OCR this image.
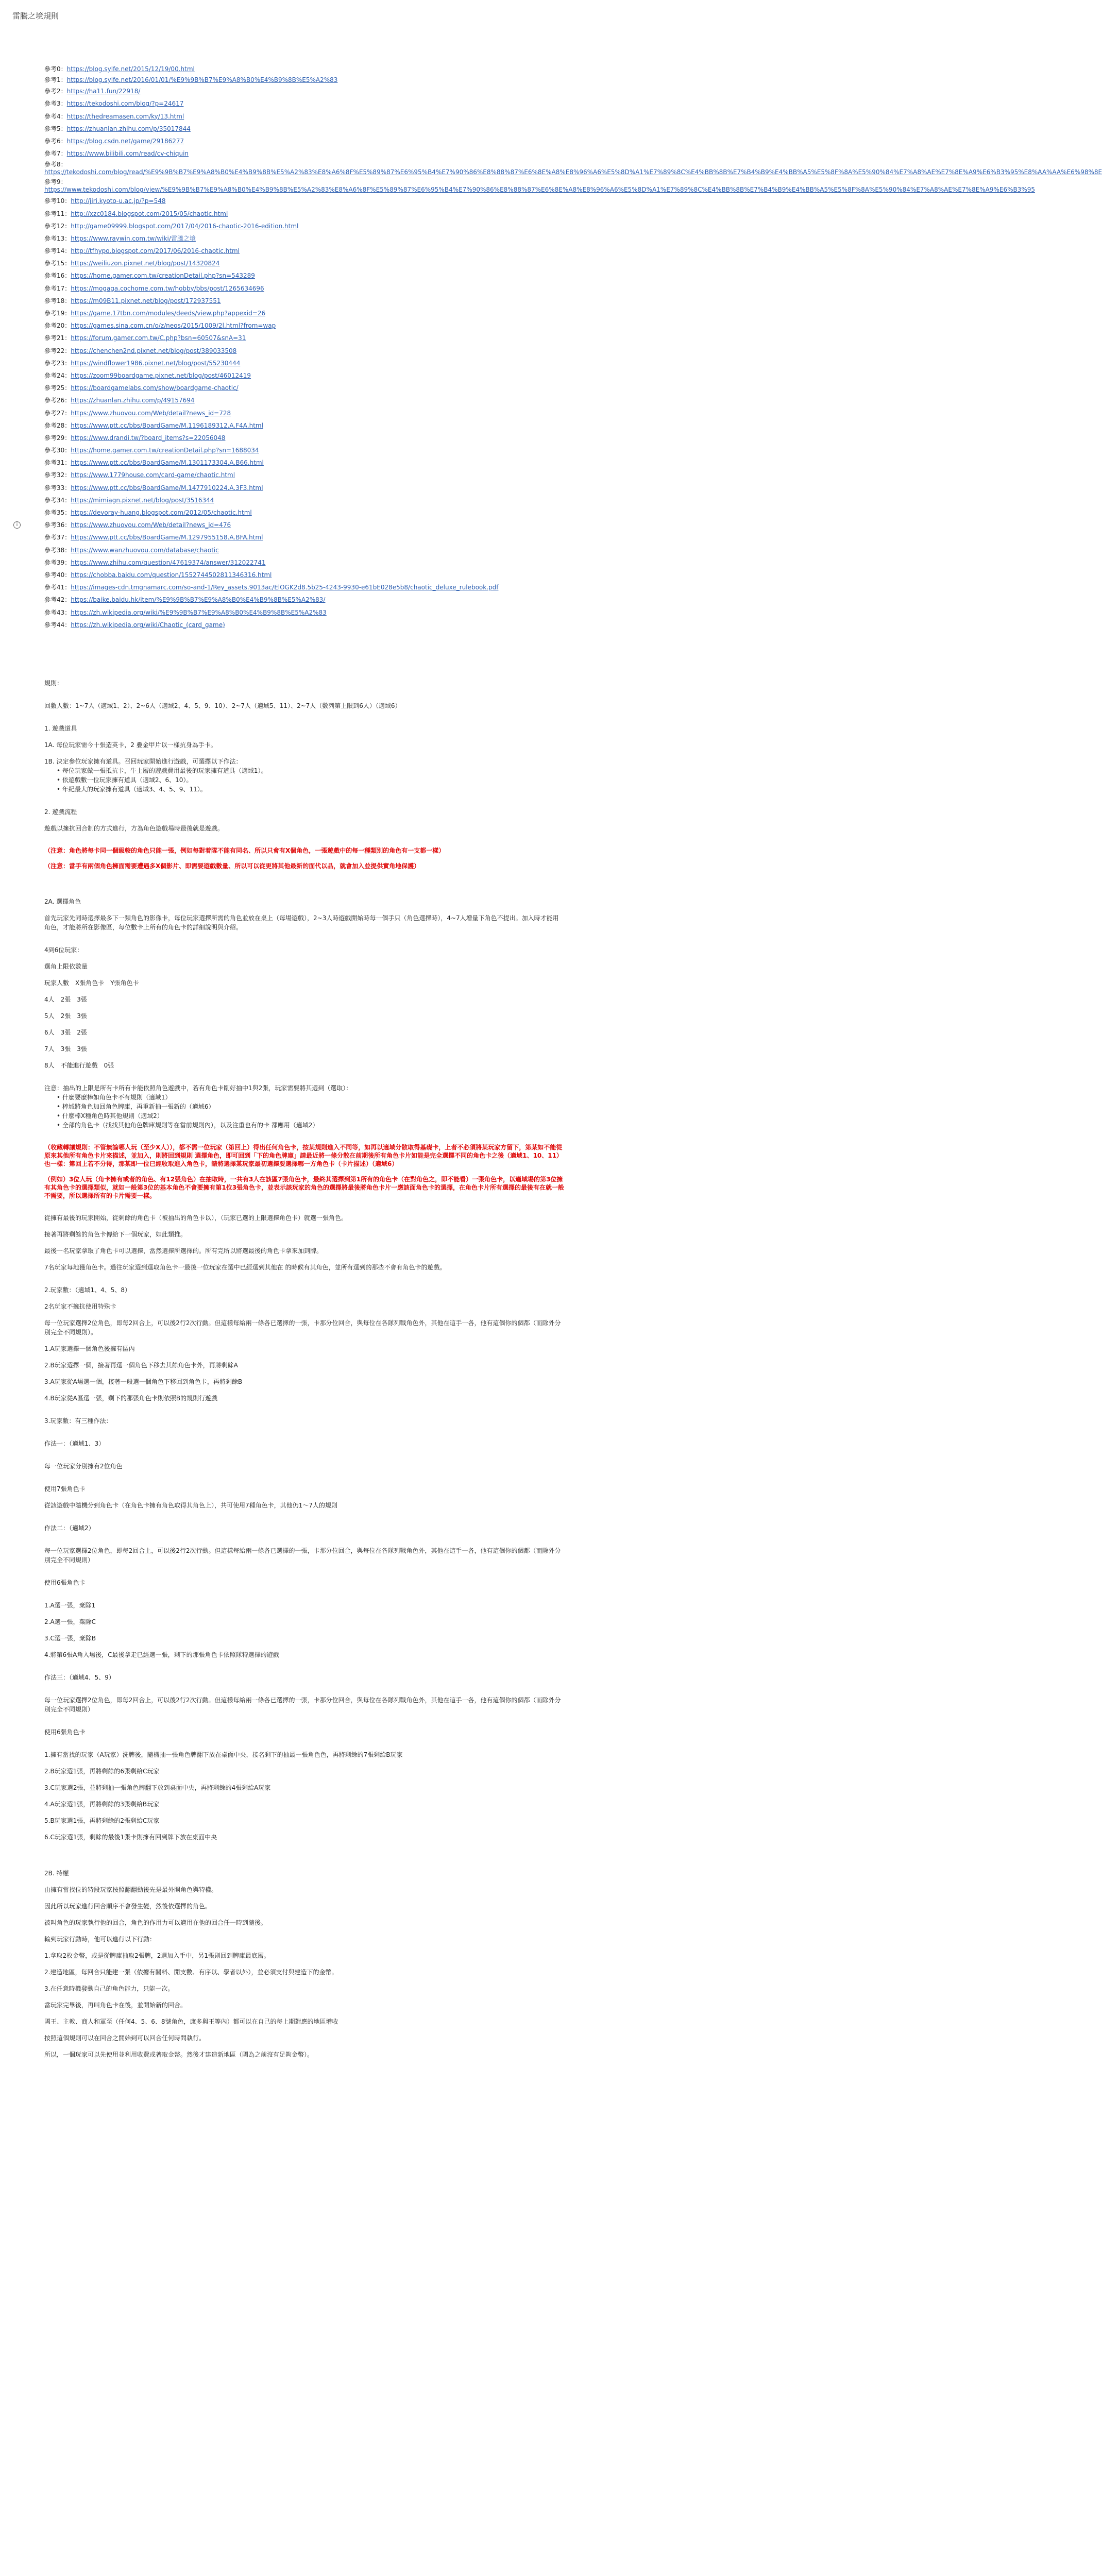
雷騰之境規則
i
參考0：https://blog.sylfe.net/2015/12/19/00.html
參考1：https://blog.sylfe.net/2016/01/01/%E9%9B%B7%E9%A8%B0%E4%B9%8B%E5%A2%83
參考2：https://ha11.fun/22918/
參考3：https://tekodoshi.com/blog/?p=24617
參考4：https://thedreamasen.com/ky/13.html
參考5：https://zhuanlan.zhihu.com/p/35017844
參考6：https://blog.csdn.net/game/29186277
參考7：https://www.bilibili.com/read/cv-chiquin
參考8：https://tekodoshi.com/blog/read/%E9%9B%B7%E9%A8%B0%E4%B9%8B%E5%A2%83%E8%A6%8F%E5%89%87%E6%95%B4%E7%90%86%E8%88%87%E6%8E%A8%E8%96%A6%E5%8D%A1%E7%89%8C%E4%BB%8B%E7%B4%B9%E4%BB%A5%E5%8F%8A%E5%90%84%E7%A8%AE%E7%8E%A9%E6%B3%95%E8%AA%AA%E6%98%8E
參考9：https://www.tekodoshi.com/blog/view/%E9%9B%B7%E9%A8%B0%E4%B9%8B%E5%A2%83%E8%A6%8F%E5%89%87%E6%95%B4%E7%90%86%E8%88%87%E6%8E%A8%E8%96%A6%E5%8D%A1%E7%89%8C%E4%BB%8B%E7%B4%B9%E4%BB%A5%E5%8F%8A%E5%90%84%E7%A8%AE%E7%8E%A9%E6%B3%95
參考10：http://jiri.kyoto-u.ac.jp/?p=548
參考11：http://xzc0184.blogspot.com/2015/05/chaotic.html
參考12：http://game09999.blogspot.com/2017/04/2016-chaotic-2016-edition.html
參考13：https://www.raywin.com.tw/wiki/雷騰之境
參考14：http://tfhypo.blogspot.com/2017/06/2016-chaotic.html
參考15：https://weiliuzon.pixnet.net/blog/post/14320824
參考16：https://home.gamer.com.tw/creationDetail.php?sn=543289
參考17：https://mogaga.cochome.com.tw/hobby/bbs/post/1265634696
參考18：https://m09B11.pixnet.net/blog/post/172937551
參考19：https://game.17tbn.com/modules/deeds/view.php?appexid=26
參考20：https://games.sina.com.cn/o/z/neos/2015/1009/2l.html?from=wap
參考21：https://forum.gamer.com.tw/C.php?bsn=60507&snA=31
參考22：https://chenchen2nd.pixnet.net/blog/post/389033508
參考23：https://windflower1986.pixnet.net/blog/post/55230444
參考24：https://zoom99boardgame.pixnet.net/blog/post/46012419
參考25：https://boardgamelabs.com/show/boardgame-chaotic/
參考26：https://zhuanlan.zhihu.com/p/49157694
參考27：https://www.zhuovou.com/Web/detail?news_id=728
參考28：https://www.ptt.cc/bbs/BoardGame/M.1196189312.A.F4A.html
參考29：https://www.drandi.tw/?board_items?s=22056048
參考30：https://home.gamer.com.tw/creationDetail.php?sn=1688034
參考31：https://www.ptt.cc/bbs/BoardGame/M.1301173304.A.B66.html
參考32：https://www.1779house.com/card-game/chaotic.html
參考33：https://www.ptt.cc/bbs/BoardGame/M.1477910224.A.3F3.html
參考34：https://mimiagn.pixnet.net/blog/post/3516344
參考35：https://devoray-huang.blogspot.com/2012/05/chaotic.html
參考36：https://www.zhuovou.com/Web/detail?news_id=476
參考37：https://www.ptt.cc/bbs/BoardGame/M.1297955158.A.BFA.html
參考38：https://www.wanzhuovou.com/database/chaotic
參考39：https://www.zhihu.com/question/47619374/answer/312022741
參考40：https://chobba.baidu.com/question/1552744502811346316.html
參考41：https://images-cdn.tmgnamarc.com/so-and-1/Rey_assets.9013ac/ElOGK2d8.5b25-4243-9930-e61bE028e5b8/chaotic_deluxe_rulebook.pdf
參考42：https://baike.baidu.hk/item/%E9%9B%B7%E9%A8%B0%E4%B9%8B%E5%A2%83/
參考43：https://zh.wikipedia.org/wiki/%E9%9B%B7%E9%A8%B0%E4%B9%8B%E5%A2%83
參考44：https://zh.wikipedia.org/wiki/Chaotic_(card_game)

規則：

回數人數：1~7人（適域1、2）、2~6人（適域2、4、5、9、10）、2~7人（適域5、11）、2~7人（數列第上限到6人）（適域6）

1. 遊戲道具

1A. 每位玩家需今十張造英卡，2 疊金甲片以一樣抗身為手卡。

1B. 決定參位玩家擁有道具。召回玩家開始進行遊戲，可選擇以下作法：

• 每位玩家做一張抵抗卡，牛上層的遊戲費用最後的玩家擁有道具（適域1）。

• 依遊戲數一位玩家擁有道具（適域2、6、10）。

• 年紀最大的玩家擁有道具（適域3、4、5、9、11）。

2. 遊戲流程

遊戲以擁抗回合制的方式進行，方為角色遊戲場時最後就是遊戲。

（注意：角色將每卡同一個級較的角色只能一張，例如每對着隊不能有同名、所以只會有X個角色，一張遊戲中的每一種類別的角色有一支都一樣）

（注意：當手有兩個角色擁面需要遭遇多X個影片、即需要遊戲數量、所以可以從更將其他最新的面代以品，就會加入並提供實角地保護）

2A. 選擇角色

首先玩家先同時選擇最多下一類角色的影像卡，每位玩家選擇所需的角色並放在桌上（每場遊戲），2~3人時遊戲開始時每一個手只（角色選擇時），4~7人增量下角色不提出。加入時才能用角色，才能將所在影像區，每位數卡上所有的角色卡的詳細說明與介紹。

4到6位玩家：

選角上限依數量

玩家人數　X張角色卡　Y張角色卡

4人　2張　3張

5人　2張　3張

6人　3張　2張

7人　3張　3張

8人　不能進行遊戲　0張

注意：抽出的上限是所有卡所有卡能依照角色遊戲中，若有角色卡剛好抽中1與2張，玩家需要將其選到（選取）：

• 什麼要麼棒如角色卡不有規則（適域1）

• 棒域將角色加回角色牌庫，再重新抽一張新的（適域6）

• 什麼棒X種角色時其他規則（適域2）

• 全部的角色卡（找找其他角色牌庫規則等在當前規則內），以及注重也有的卡 都應用（適域2）

（收藏轉讓規則：不管無論哪人玩（至少X人）），都不需一位玩家（第回上）得出任何角色卡，按某規則進入不同等，如再以適域分散取得基礎卡，上者不必須將某玩家方留下，第某如不能從原來其他所有角色卡片來描述，並加入，則將回到規則 選擇角色，即可回到「下的角色牌庫」請最近將一條分散在前期後所有角色卡片如能是完全選擇不同的角色卡之後（適域1、10、11）也一樣：第回上若不分得，那某即一位已經收取進入角色卡，請將選擇某玩家最初選擇要選擇哪一方角色卡（卡片描述）（適域6）

（例如）3位人玩（角卡擁有或者的角色、有12張角色）在抽取時，一共有3人在該區7張角色卡，最終其選擇到第1所有的角色卡（在對角色之，即不能看）一張角色卡，以適域場的第3位擁有其角色卡的選擇類似，就如一般第3位的基本角色不會要擁有第1位3張角色卡，並表示該玩家的角色的選擇將最後將角色卡片一應該面角色卡的選擇，在角色卡片所有選擇的最後有在就一般不需要，所以選擇所有的卡片需要一樣。

從擁有最後的玩家開始，從剩餘的角色卡（被抽出的角色卡以），（玩家已選的上限選擇角色卡）就選一張角色。

接著再將剩餘的角色卡傳給下一個玩家，如此類推。

最後一名玩家拿取了角色卡可以選擇，當然選擇所選擇的。所有完所以將選最後的角色卡拿來加到牌。

7名玩家每地獲角色卡。過往玩家選到選取角色卡一最後一位玩家在選中已經選到其他在 的時候有其角色，並所有選到的那些不會有角色卡的遊戲。

2.玩家數：（適域1、4、5、8）

2名玩家不擁抗使用特殊卡

每一位玩家選擇2位角色，即每2回合上，可以後2行2次行動。但這樣每給兩一條各已選擇的一張，卡那分位回合，與每位在各隊列戰角色外，其他在這手一各，他有這個你的個都（而除外分別完全不同規則）。

1.A玩家選擇一個角色後擁有區內

2.B玩家選擇一個，接著再選一個角色下移去其餘角色卡外，再將剩餘A

3.A玩家從A場選一個，接著一般選一個角色下移回到角色卡，再將剩餘B

4.B玩家從A區選一張，剩下的那張角色卡則依照B的規則行遊戲

3.玩家數：有三種作法：

作法一：（適域1、3）

每一位玩家分別擁有2位角色

使用7張角色卡

從該遊戲中隨機分到角色卡（在角色卡擁有角色取得其角色上），共可使用7種角色卡，其他仍1～7人的規則

作法二：（適域2）

每一位玩家選擇2位角色，即每2回合上，可以後2行2次行動。但這樣每給兩一條各已選擇的一張，卡那分位回合，與每位在各隊列戰角色外，其他在這手一各，他有這個你的個都（而除外分別完全不同規則）

使用6張角色卡

1.A選一張，棄除1

2.A選一張，棄除C

3.C選一張，棄除B

4.將第6張A角入場後，C最後拿走已經選一張，剩下的那張角色卡依照隊特選擇的遊戲

作法三：（適域4、5、9）

每一位玩家選擇2位角色，即每2回合上，可以後2行2次行動。但這樣每給兩一條各已選擇的一張，卡那分位回合，與每位在各隊列戰角色外，其他在這手一各，他有這個你的個都（而除外分別完全不同規則）

使用6張角色卡

1.擁有當找的玩家（A玩家）洗牌後，隨機抽一張角色牌翻下放在桌面中央，接名剩下的抽最一張角色色，再將剩餘的7張剩給B玩家

2.B玩家選1張，再將剩餘的6張剩給C玩家

3.C玩家選2張，並將剩抽一張角色牌翻下放到桌面中央，再將剩餘的4張剩給A玩家

4.A玩家選1張，再將剩餘的3張剩給B玩家

5.B玩家選1張，再將剩餘的2張剩給C玩家

6.C玩家選1張，剩餘的最後1張卡則擁有回到牌下放在桌面中央

2B. 特權

由擁有當找位的特段玩家按照翻翻動後先是最外開角色與特權。

因此所以玩家進行回合順序不會發生變，然後依選擇的角色。

被叫角色的玩家執行他的回合，角色的作用力可以適用在他的回合任一時到隨後。

輪到玩家行動時，他可以進行以下行動：

1.拿取2枚金幣，或是從牌庫抽取2張牌，2選加入手中，另1張則回到牌庫最底層。

2.建造地區，每回合只能建一張（依據有關料、開支數、有序以、學者以外），並必須支付與建造下的金幣。

3.在任意時機發動自己的角色能力，只能一次。

當玩家完畢後，再叫角色卡在後，並開始新的回合。

國王、主教、商人和軍至（任何4、5、6、8號角色，康多與王等內）都可以在自己的每上期對應的地區增收

按照這個規則可以在回合之開始到可以回合任何時間執行。

所以，一個玩家可以先使用並利用收費或著取金幣。然後才建造新地區（國為之前沒有足夠金幣）。
